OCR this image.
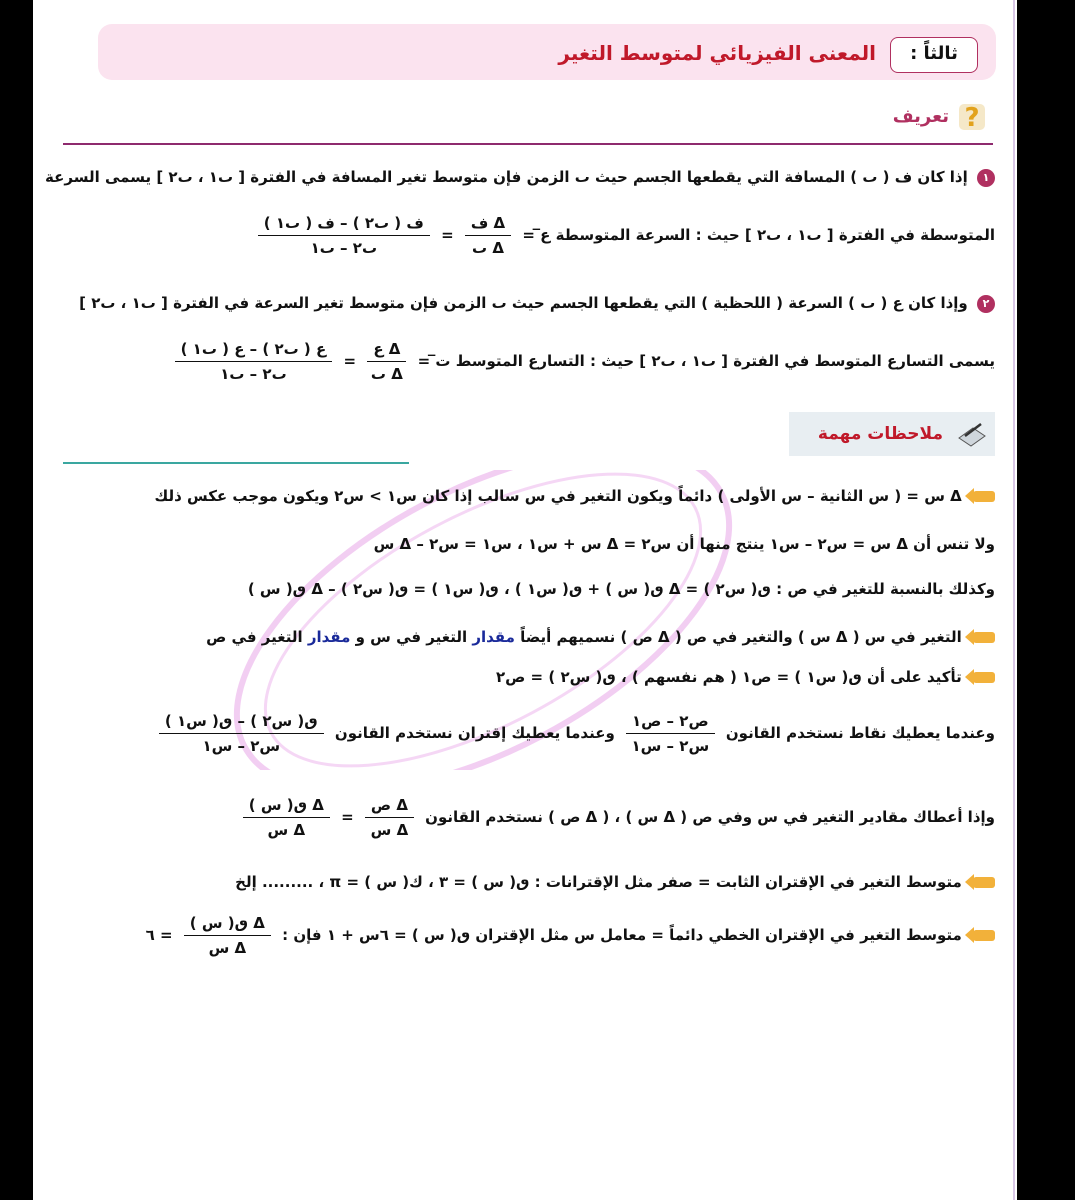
ثالثاً :
المعنى الفيزيائي لمتوسط التغير
?
تعريف
١ إذا كان ف ( ٮ ) المسافة التي يقطعها الجسم حيث ٮ الزمن فإن متوسط تغير المسافة في الفترة [ ٮ١ ، ٮ٢ ] يسمى السرعة
المتوسطة في الفترة [ ٮ١ ، ٮ٢ ] حيث : السرعة المتوسطة ع̅ =
$\frac{\text{Δ ف}}{\text{Δ ٮ}}$
=
$\frac{\text{ف ( ٮ٢ ) – ف ( ٮ١ )}}{\text{ٮ٢ – ٮ١}}$
٢ وإذا كان ع ( ٮ ) السرعة ( اللحظية ) التي يقطعها الجسم حيث ٮ الزمن فإن متوسط تغير السرعة في الفترة [ ٮ١ ، ٮ٢ ]
يسمى التسارع المتوسط في الفترة [ ٮ١ ، ٮ٢ ] حيث : التسارع المتوسط ت̅ =
$\frac{\text{Δ ع}}{\text{Δ ٮ}}$
=
$\frac{\text{ع ( ٮ٢ ) – ع ( ٮ١ )}}{\text{ٮ٢ – ٮ١}}$
ملاحظات مهمة
Δ س = ( س الثانية – س الأولى ) دائماً ويكون التغير في س سالب إذا كان س١ > س٢ ويكون موجب عكس ذلك
ولا تنس أن Δ س = س٢ – س١ ينتج منها أن س٢ = Δ س + س١ ، س١ = س٢ – Δ س
وكذلك بالنسبة للتغير في ص : ٯ( س٢ ) = Δ ٯ( س ) + ٯ( س١ ) ، ٯ( س١ ) = ٯ( س٢ ) – Δ ٯ( س )
التغير في س ( Δ س ) والتغير في ص ( Δ ص ) نسميهم أيضاً مقدار التغير في س و مقدار التغير في ص
تأكيد على أن ٯ( س١ ) = ص١ ( هم نفسهم ) ، ٯ( س٢ ) = ص٢
وعندما يعطيك نقاط نستخدم القانون
$\frac{\text{ص٢ – ص١}}{\text{س٢ – س١}}$
وعندما يعطيك إقتران نستخدم القانون
$\frac{\text{ٯ( س٢ ) – ٯ( س١ )}}{\text{س٢ – س١}}$
وإذا أعطاك مقادير التغير في س وفي ص ( Δ س ) ، ( Δ ص ) نستخدم القانون
$\frac{\text{Δ ص}}{\text{Δ س}}$
=
$\frac{\text{Δ ٯ( س )}}{\text{Δ س}}$
متوسط التغير في الإقتران الثابت = صفر مثل الإقترانات : ٯ( س ) = ٣ ، ك( س ) = π ، ......... إلخ
متوسط التغير في الإقتران الخطي دائماً = معامل س مثل الإقتران ٯ( س ) = ٦س + ١ فإن :
$\frac{\text{Δ ٯ( س )}}{\text{Δ س}}$
= ٦
